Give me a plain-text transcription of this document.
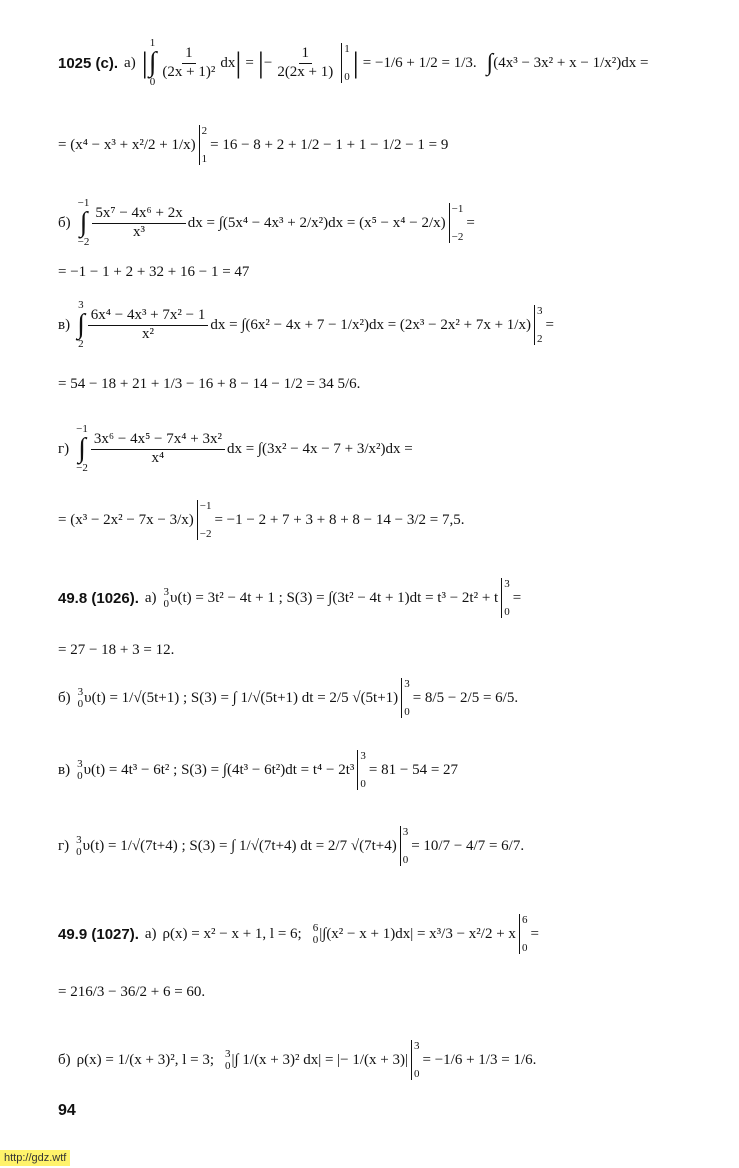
1025 (с). а) |
1
∫
0
1
(2x + 1)²
dx | = | − $\frac{1}{2(2x + 1)} 1$
0 | = −1/6 + 1/2 = 1/3. ∫ (4x³ − 3x² + x − 1/x²)dx =
= (x⁴ − x³ + x²/2 + 1/x)
2
1
= 16 − 8 + 2 + 1/2 − 1 + 1 − 1/2 − 1 = 9
б)
−1
∫
−2
5x⁷ − 4x⁶ + 2x
x³
dx = ∫(5x⁴ − 4x³ + 2/x²)dx = (x⁵ − x⁴ − 2/x)
−1
−2
=
= −1 − 1 + 2 + 32 + 16 − 1 = 47
в)
3
∫
2
6x⁴ − 4x³ + 7x² − 1
x²
dx = ∫(6x² − 4x + 7 − 1/x²)dx = (2x³ − 2x² + 7x + 1/x)
3
2
=
= 54 − 18 + 21 + 1/3 − 16 + 8 − 14 − 1/2 = 34 5/6.
г)
−1
∫
−2
3x⁶ − 4x⁵ − 7x⁴ + 3x²
x⁴
dx = ∫(3x² − 4x − 7 + 3/x²)dx =
= (x³ − 2x² − 7x − 3/x)
−1
−2
= −1 − 2 + 7 + 3 + 8 + 8 − 14 − 3/2 = 7,5.
49.8 (1026). а) 3
0 υ(t) = 3t² − 4t + 1 ; S(3) = ∫(3t² − 4t + 1)dt = t³ − 2t² + t
3
0
=
= 27 − 18 + 3 = 12.
б) 3
0 υ(t) = 1/√(5t+1) ; S(3) = ∫ 1/√(5t+1) dt = 2/5 √(5t+1)
3
0
= 8/5 − 2/5 = 6/5.
в) 3
0 υ(t) = 4t³ − 6t² ; S(3) = ∫(4t³ − 6t²)dt = t⁴ − 2t³
3
0
= 81 − 54 = 27
г) 3
0 υ(t) = 1/√(7t+4) ; S(3) = ∫ 1/√(7t+4) dt = 2/7 √(7t+4)
3
0
= 10/7 − 4/7 = 6/7.
49.9 (1027). а) ρ(x) = x² − x + 1, l = 6; 6
0 |∫(x² − x + 1)dx| = x³/3 − x²/2 + x
6
0
=
= 216/3 − 36/2 + 6 = 60.
б) ρ(x) = 1/(x + 3)², l = 3; 3
0 |∫ 1/(x + 3)² dx| = |− 1/(x + 3)|
3
0
= −1/6 + 1/3 = 1/6.
94
http://gdz.wtf
